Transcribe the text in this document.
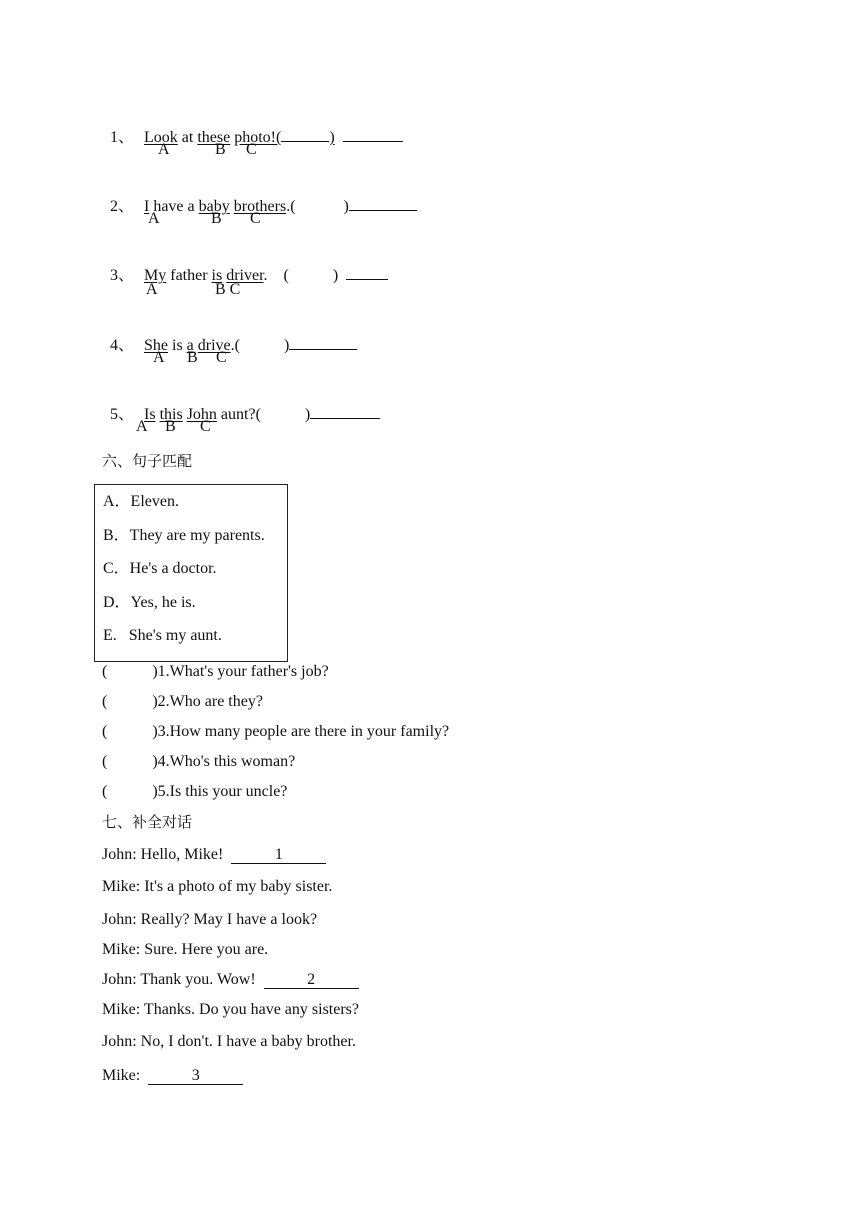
1、 Look at these photo!(	)

A	B C

2、 I have a baby brothers.(	)

A	B C

3、 My father is driver.    (	)

A	B C

4、 She is a drive.(	)

A B C

5、 Is this John aunt?(	)

A B C
六、句子匹配
A．Eleven.
B．They are my parents.
C．He's a doctor.
D．Yes, he is.
E.   She's my aunt.
(	)1.What's your father's job?
(	)2.Who are they?
(	)3.How many people are there in your family?
(	)4.Who's this woman?
(	)5.Is this your uncle?
七、补全对话
John: Hello, Mike!	1
Mike: It's a photo of my baby sister.
John: Really? May I have a look?
Mike: Sure. Here you are.
John: Thank you. Wow!	2
Mike: Thanks. Do you have any sisters?
John: No, I don't. I have a baby brother.
Mike:	3
